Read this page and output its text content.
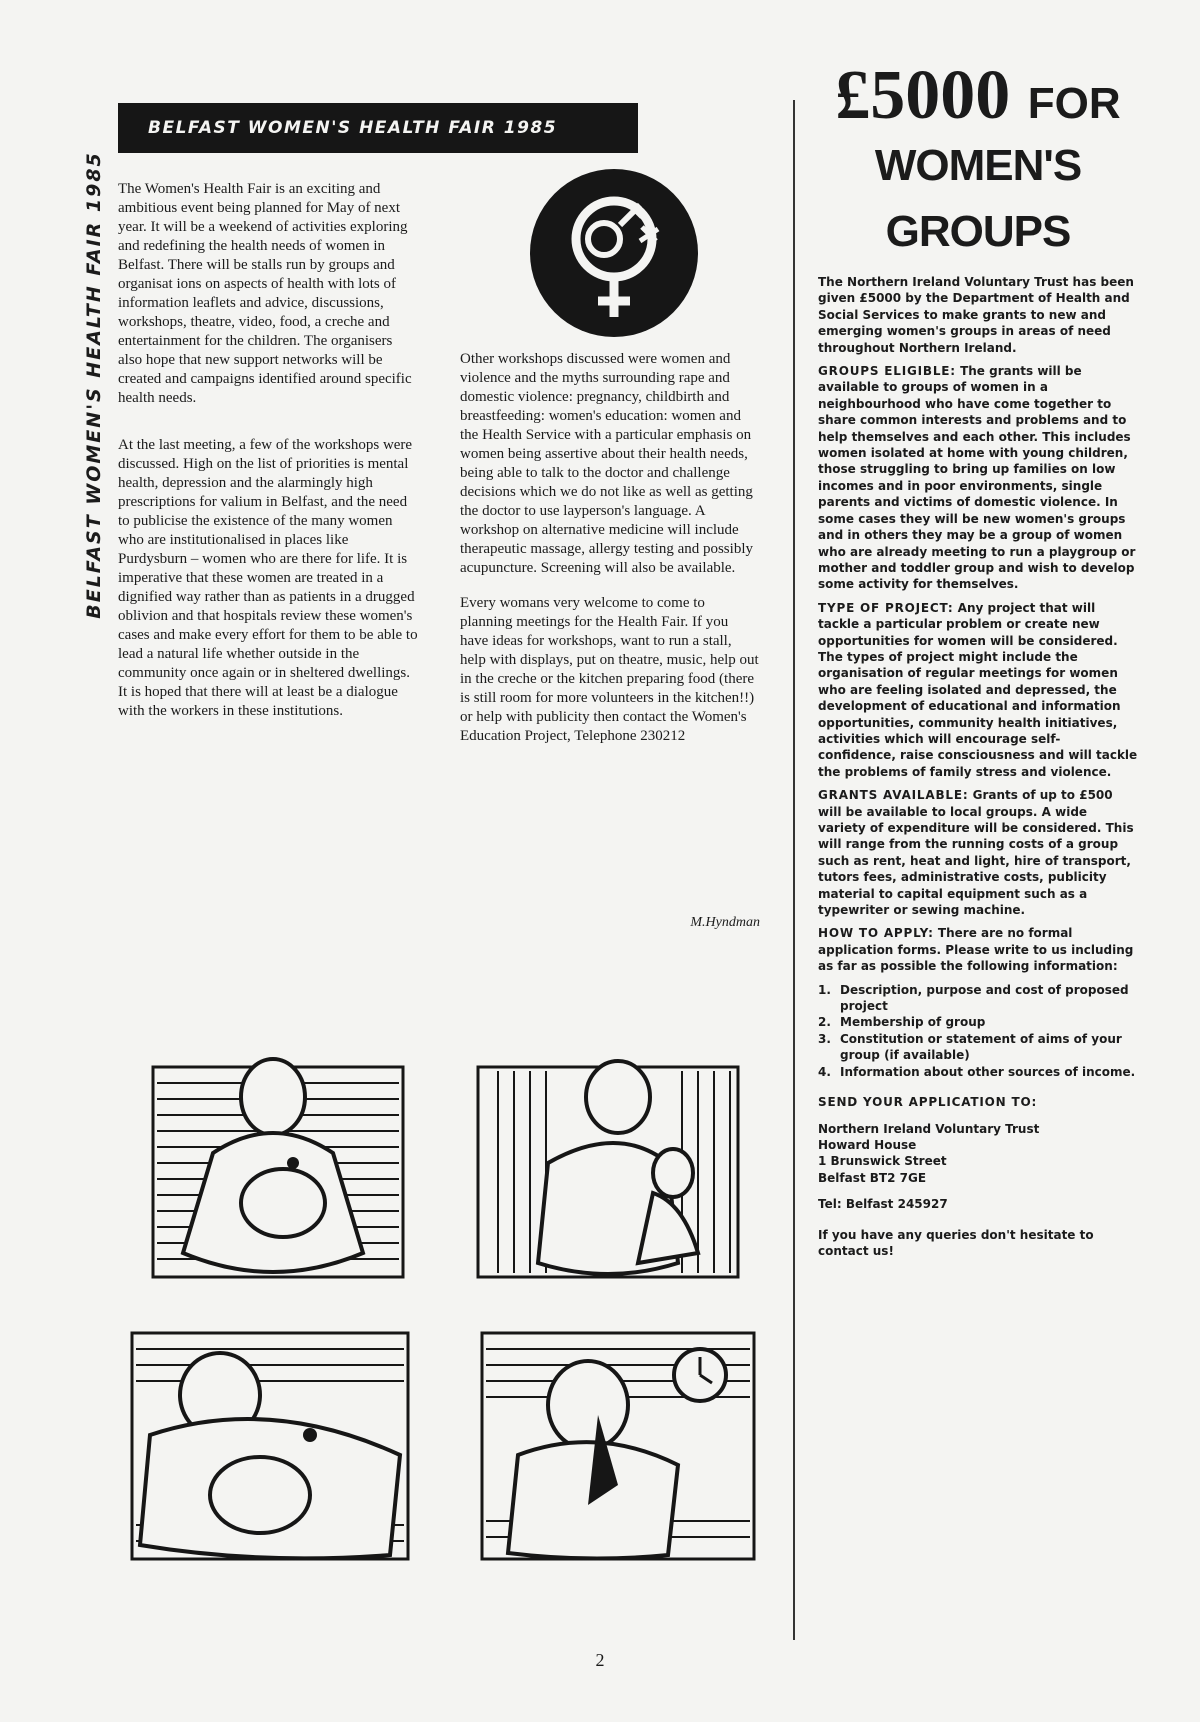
BELFAST WOMEN'S HEALTH FAIR 1985
BELFAST WOMEN'S HEALTH FAIR 1985

The Women's Health Fair is an exciting and ambitious event being planned for May of next year. It will be a weekend of activities exploring and redefining the health needs of women in Belfast. There will be stalls run by groups and organisat ions on aspects of health with lots of information leaflets and advice, discussions, workshops, theatre, video, food, a creche and entertainment for the children. The organisers also hope that new support networks will be created and campaigns identified around specific health needs.

At the last meeting, a few of the workshops were discussed. High on the list of priorities is mental health, depression and the alarmingly high prescriptions for valium in Belfast, and the need to publicise the existence of the many women who are institutionalised in places like Purdysburn – women who are there for life. It is imperative that these women are treated in a dignified way rather than as patients in a drugged oblivion and that hospitals review these women's cases and make every effort for them to be able to lead a natural life whether outside in the community once again or in sheltered dwellings. It is hoped that there will at least be a dialogue with the workers in these institutions.

Other workshops discussed were women and violence and the myths surrounding rape and domestic violence: pregnancy, childbirth and breastfeeding: women's education: women and the Health Service with a particular emphasis on women being assertive about their health needs, being able to talk to the doctor and challenge decisions which we do not like as well as getting the doctor to use layperson's language. A workshop on alternative medicine will include therapeutic massage, allergy testing and possibly acupuncture. Screening will also be available.

Every womans very welcome to come to planning meetings for the Health Fair. If you have ideas for workshops, want to run a stall, help with displays, put on theatre, music, help out in the creche or the kitchen preparing food (there is still room for more volunteers in the kitchen!!) or help with publicity then contact the Women's Education Project, Telephone 230212

M.Hyndman
£5000 FOR
WOMEN'S
GROUPS

The Northern Ireland Voluntary Trust has been given £5000 by the Department of Health and Social Services to make grants to new and emerging women's groups in areas of need throughout Northern Ireland.

GROUPS ELIGIBLE: The grants will be available to groups of women in a neighbourhood who have come together to share common interests and problems and to help themselves and each other. This includes women isolated at home with young children, those struggling to bring up families on low incomes and in poor environments, single parents and victims of domestic violence. In some cases they will be new women's groups and in others they may be a group of women who are already meeting to run a playgroup or mother and toddler group and wish to develop some activity for themselves.

TYPE OF PROJECT: Any project that will tackle a particular problem or create new opportunities for women will be considered. The types of project might include the organisation of regular meetings for women who are feeling isolated and depressed, the development of educational and information opportunities, community health initiatives, activities which will encourage self-confidence, raise consciousness and will tackle the problems of family stress and violence.

GRANTS AVAILABLE: Grants of up to £500 will be available to local groups. A wide variety of expenditure will be considered. This will range from the running costs of a group such as rent, heat and light, hire of transport, tutors fees, administrative costs, publicity material to capital equipment such as a typewriter or sewing machine.

HOW TO APPLY: There are no formal application forms. Please write to us including as far as possible the following information:

1. Description, purpose and cost of proposed project
2. Membership of group
3. Constitution or statement of aims of your group (if available)
4. Information about other sources of income.
SEND YOUR APPLICATION TO:
Northern Ireland Voluntary Trust
Howard House
1 Brunswick Street
Belfast BT2 7GE
Tel: Belfast 245927
If you have any queries don't hesitate to contact us!
2
